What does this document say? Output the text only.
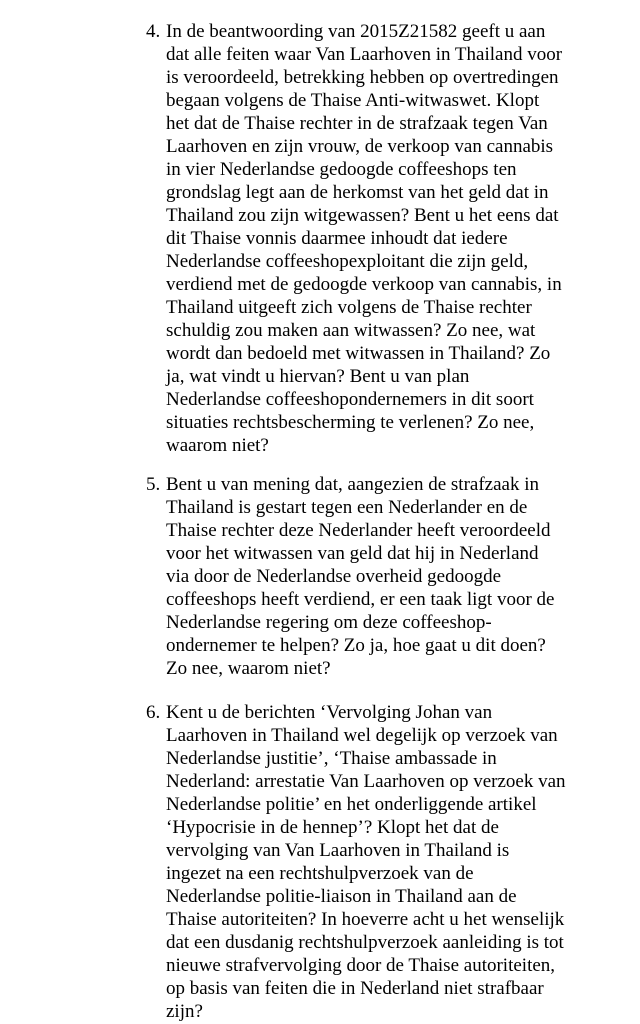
4. In de beantwoording van 2015Z21582 geeft u aan
dat alle feiten waar Van Laarhoven in Thailand voor
is veroordeeld, betrekking hebben op overtredingen
begaan volgens de Thaise Anti-witwaswet. Klopt
het dat de Thaise rechter in de strafzaak tegen Van
Laarhoven en zijn vrouw, de verkoop van cannabis
in vier Nederlandse gedoogde coffeeshops ten
grondslag legt aan de herkomst van het geld dat in
Thailand zou zijn witgewassen? Bent u het eens dat
dit Thaise vonnis daarmee inhoudt dat iedere
Nederlandse coffeeshopexploitant die zijn geld,
verdiend met de gedoogde verkoop van cannabis, in
Thailand uitgeeft zich volgens de Thaise rechter
schuldig zou maken aan witwassen? Zo nee, wat
wordt dan bedoeld met witwassen in Thailand? Zo
ja, wat vindt u hiervan? Bent u van plan
Nederlandse coffeeshopondernemers in dit soort
situaties rechtsbescherming te verlenen? Zo nee,
waarom niet?
5. Bent u van mening dat, aangezien de strafzaak in
Thailand is gestart tegen een Nederlander en de
Thaise rechter deze Nederlander heeft veroordeeld
voor het witwassen van geld dat hij in Nederland
via door de Nederlandse overheid gedoogde
coffeeshops heeft verdiend, er een taak ligt voor de
Nederlandse regering om deze coffeeshop-
ondernemer te helpen? Zo ja, hoe gaat u dit doen?
Zo nee, waarom niet?
6. Kent u de berichten ‘Vervolging Johan van
Laarhoven in Thailand wel degelijk op verzoek van
Nederlandse justitie’, ‘Thaise ambassade in
Nederland: arrestatie Van Laarhoven op verzoek van
Nederlandse politie’ en het onderliggende artikel
‘Hypocrisie in de hennep’? Klopt het dat de
vervolging van Van Laarhoven in Thailand is
ingezet na een rechtshulpverzoek van de
Nederlandse politie-liaison in Thailand aan de
Thaise autoriteiten? In hoeverre acht u het wenselijk
dat een dusdanig rechtshulpverzoek aanleiding is tot
nieuwe strafvervolging door de Thaise autoriteiten,
op basis van feiten die in Nederland niet strafbaar
zijn?
